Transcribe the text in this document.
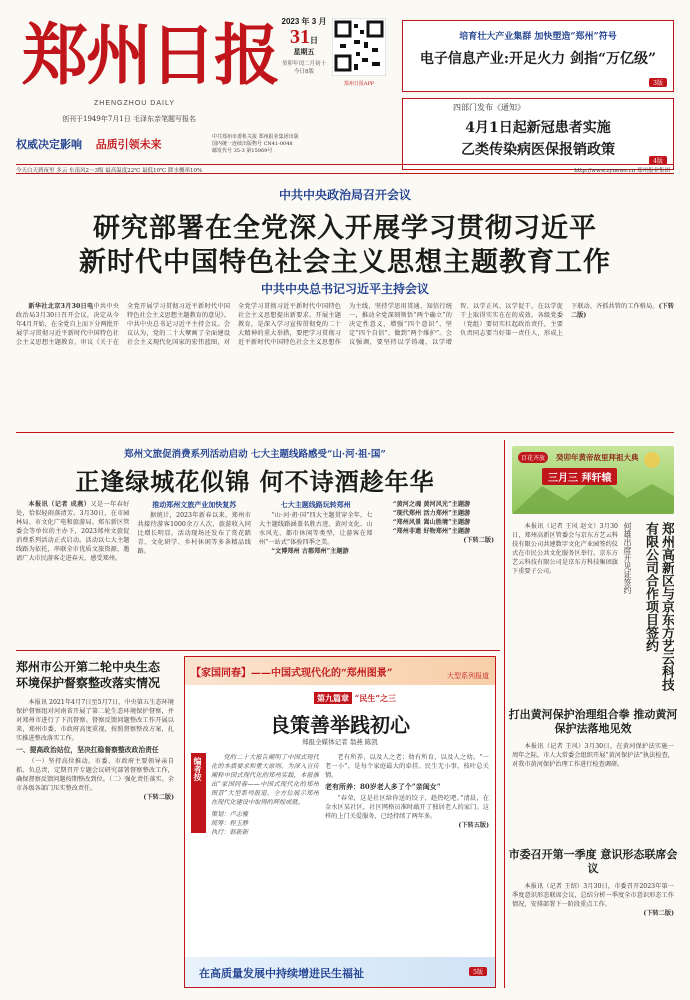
郑州日报
ZHENGZHOU DAILY
创刊于1949年7月1日 毛泽东亲笔题写报名
2023 年 3 月
31日
星期五
癸卯年闰二月初十
今日8版
郑州日报APP
权威决定影响 品质引领未来
中共郑州市委机关报 郑州报业集团出版
国内统一连续出版物号 CN41-0048
邮发代号 35-3 第15969号
培育壮大产业集群 加快塑造“郑州”符号
电子信息产业:开足火力 剑指“万亿级”
3版
四部门发布《通知》
4月1日起新冠患者实施
乙类传染病医保报销政策
4版
今天白天到夜里 多云 东南风2～3级 最高温度22℃ 最低10℃ 降水概率10%	http://www.zynews.cn 郑州报业集团
中共中央政治局召开会议
研究部署在全党深入开展学习贯彻习近平
新时代中国特色社会主义思想主题教育工作
中共中央总书记习近平主持会议

新华社北京3月30日电中共中央政治局3月30日召开会议，决定从今年4月开始，在全党自上而下分两批开展学习贯彻习近平新时代中国特色社会主义思想主题教育，审议《关于在全党开展学习贯彻习近平新时代中国特色社会主义思想主题教育的意见》。中共中央总书记习近平主持会议。会议认为，党的二十大擘画了全面建设社会主义现代化国家的宏伟蓝图，对全党学习贯彻习近平新时代中国特色社会主义思想提出新要求。开展主题教育，是深入学习宣传贯彻党的二十大精神的重大举措，要把学习贯彻习近平新时代中国特色社会主义思想作为主线，坚持学思用贯通、知信行统一，推动全党深刻领悟“两个确立”的决定性意义，增强“四个意识”、坚定“四个自信”、做到“两个维护”。会议强调，要坚持以学铸魂、以学增智、以学正风、以学促干，在以学促干上取得实实在在的成效。各级党委（党组）要切实扛起政治责任，主要负责同志要当好第一责任人，形成上下联动、齐抓共管的工作格局。(下转二版)

郑州文旅促消费系列活动启动 七大主题线路感受“山·河·祖·国”
正逢绿城花似锦 何不诗酒趁年华

本报讯（记者 成燕）又是一年春好处，恰似轻雨落清芳。3月30日，在市园林局、市文化广电和旅游局、郑东新区管委会等单位的主办下，2023郑州文旅促消费系列活动正式启动。活动以七大主题线路为依托，串联全市优质文旅资源，邀请广大市民游客走进春天、感受郑州。

推动郑州文旅产业加快复苏

据统计，2023年新春以来，郑州市共接待游客1000余万人次，旅游收入同比增长明显。活动现场还发布了赏花踏青、文化研学、乡村休闲等多条精品线路。

七大主题线路玩转郑州

“山·河·祖·国”四大主题贯穿全年，七大主题线路涵盖名胜古迹、黄河文化、山水风光、都市休闲等类型，让游客在郑州“一站式”体验四季之美。

“文博郑州 古都郑州”主题游

“黄河之魂 黄河风光”主题游

“现代郑州 活力郑州”主题游

“郑州风景 嵩山胜境”主题游

“郑州非遗 好物郑州”主题游

(下转二版)
百花齐放	癸卯年黄帝故里拜祖大典
三月三 拜轩辕
郑州高新区与京东方艺云科技有限公司合作项目签约
何雄出席开见证签约

本报讯（记者 王风 赵文）3月30日，郑州高新区管委会与京东方艺云科技有限公司共建数字文化产业园签约仪式在市民公共文化服务区举行。京东方艺云科技有限公司是京东方科技集团旗下重要子公司。

打出黄河保护治理组合拳 推动黄河保护法落地见效

本报讯（记者 王风）3月30日，在黄河保护法实施一周年之际，市人大常委会组织开展“黄河保护法”执法检查，对我市黄河保护治理工作进行检查调研。

市委召开第一季度 意识形态联席会议

本报讯（记者 王绍）3月30日，市委召开2023年第一季度意识形态联席会议，总结分析一季度全市意识形态工作情况，安排部署下一阶段重点工作。

(下转二版)
郑州市公开第二轮中央生态
环境保护督察整改落实情况

本报讯 2021年4月7日至5月7日，中央第五生态环境保护督察组对河南省开展了第二轮生态环境保护督察，并对郑州市进行了下沉督察。督察反馈问题整改工作开展以来，郑州市委、市政府高度重视，按照督察整改方案，扎实推进整改落实工作。

一、提高政治站位，坚决扛稳督察整改政治责任

（一）坚持高位推动。市委、市政府主要领导亲自抓、负总责，定期召开专题会议研究部署督察整改工作，确保督察反馈问题按期整改到位。（二）强化责任落实。全市各级各部门压实整改责任。

(下转二版)
【家国同春】——中国式现代化的“郑州图景”	大型系列报道
第九篇章 “民生”之三
良策善举践初心
郑报全媒体记者 翁燕 陈凯
编者按	党的二十大报告阐明了中国式现代化的本质要求和重大原则。为深入宣传阐释中国式现代化的郑州实践，本报推出“家国同春——中国式现代化的郑州图景”大型系列报道，全方位展示郑州在现代化建设中取得的辉煌成就。

策划：卢志雅
统筹：程玉静
执行：韩新新

老有所养，以及人之老；幼有所育，以及人之幼。“一老一小”，是每个家庭最大的牵挂。民生无小事，枝叶总关情。

老有所养：80岁老人多了个“亲闺女”

“春荣，这是社区给你送的饺子，趁热吃吧。”清晨，在金水区某社区，社区网格员准时敲开了独居老人的家门。这样的上门关爱服务，已经持续了两年多。

(下转五版)
在高质量发展中持续增进民生福祉	5版
